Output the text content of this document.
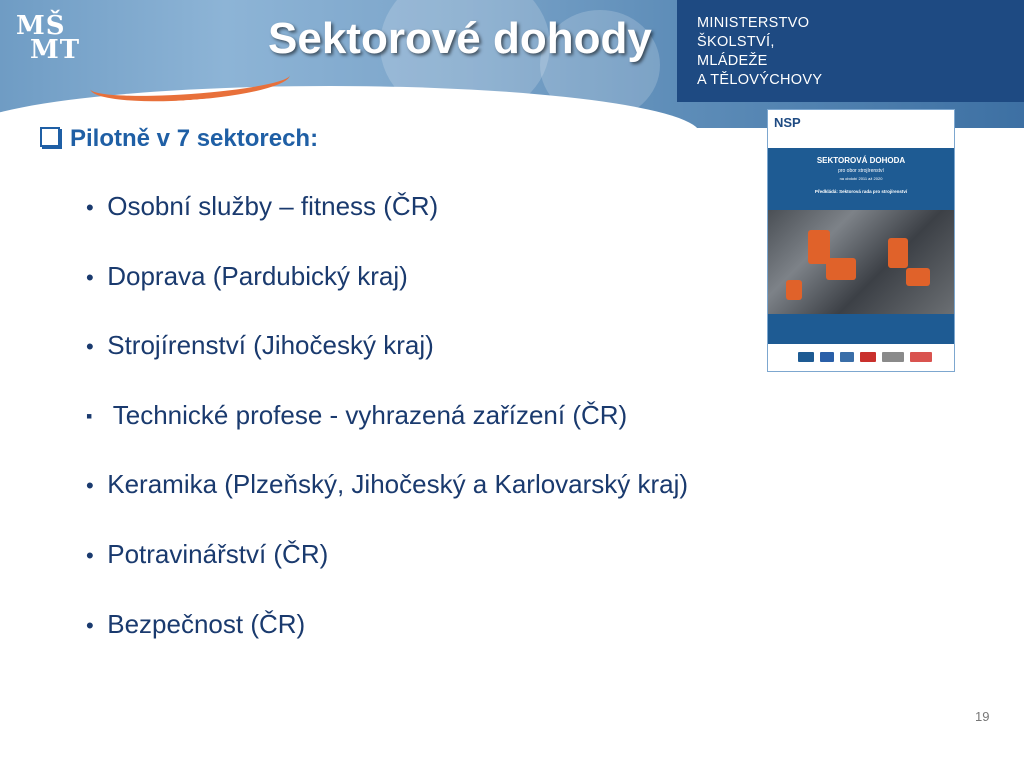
MŠ
MT	Sektorové dohody	MINISTERSTVO
ŠKOLSTVÍ,
MLÁDEŽE
A TĚLOVÝCHOVY
Pilotně v 7 sektorech:
• Osobní služby – fitness (ČR)
• Doprava (Pardubický kraj)
• Strojírenství (Jihočeský kraj)
▪ Technické profese - vyhrazená zařízení (ČR)
• Keramika (Plzeňský, Jihočeský a Karlovarský kraj)
• Potravinářství (ČR)
• Bezpečnost (ČR)
NSP
SEKTOROVÁ DOHODA
pro obor strojírenství
na období 2011 až 2020
Předkládá: Sektorová rada pro strojírenství
19
